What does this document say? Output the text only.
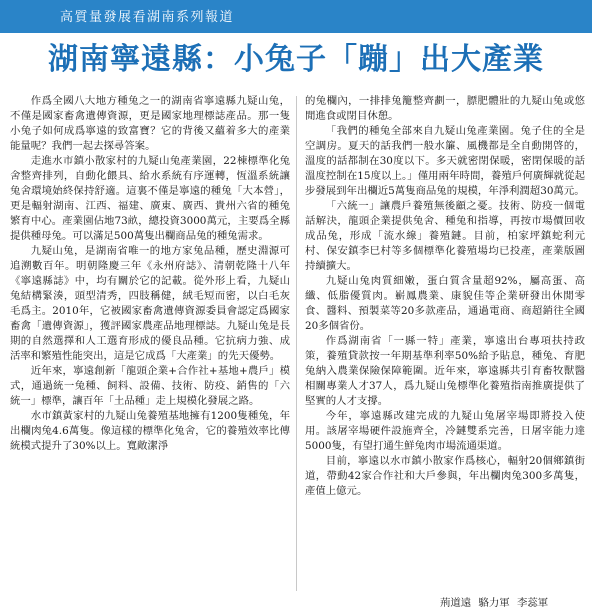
高質量發展看湖南系列報道
湖南寧遠縣：小兔子「蹦」出大產業

作爲全國八大地方種兔之一的湖南省寧遠縣九疑山兔，不僅是國家畜禽遺傳資源，更是國家地理標誌產品。那一隻小兔子如何成爲寧遠的致富寶？它的背後又蘊着多大的產業能量呢？我們一起去探尋答案。

走進水市鎮小散家村的九疑山兔產業園，22棟標準化兔舍整齊排列，自動化餵具、給水系統有序運轉，恆溫系統讓兔舍環境始終保持舒適。這裏不僅是寧遠的種兔「大本營」，更是輻射湖南、江西、福建、廣東、廣西、貴州六省的種兔繁育中心。產業園佔地73畝，總投資3000萬元，主要爲全縣提供種母兔。可以滿足500萬隻出欄商品兔的種兔需求。

九疑山兔，是湖南省唯一的地方家兔品種，歷史淵源可追溯數百年。明朝隆慶三年《永州府誌》、清朝乾隆十八年《寧遠縣誌》中，均有關於它的記載。從外形上看，九疑山兔結構緊湊，頭型清秀，四肢稱健，絨毛短而密，以白毛灰毛爲主。2010年，它被國家畜禽遺傳資源委員會認定爲國家畜禽「遺傳資源」，獲評國家農產品地理標誌。九疑山兔是長期的自然選擇和人工選育形成的優良品種。它抗病力強、成活率和繁殖性能突出，這是它成爲「大產業」的先天優勢。

近年來，寧遠創新「龍頭企業+合作社+基地+農戶」模式，通過統一兔種、飼料、設備、技術、防疫、銷售的「六統一」標準，讓百年「土品種」走上規模化發展之路。

水市鎮黃家村的九疑山兔養殖基地擁有1200隻種兔，年出欄肉兔4.6萬隻。像這樣的標準化兔舍，它的養殖效率比傳統模式提升了30%以上。寬敞潔淨

的兔欄內，一排排兔籠整齊劃一，膘肥體壯的九疑山兔或悠閒進食或閉目休憩。

「我們的種兔全部來自九疑山兔產業園。兔子住的全是空調房。夏天的話我們一般水簾、風機都是全自動開啓的，溫度的話都制在30度以下。多天就密閉保暖，密閉保暖的話溫度控制在15度以上。」僅用兩年時間，養殖戶何廣輝就從起步發展到年出欄近5萬隻商品兔的規模，年淨利潤超30萬元。

「六統一」讓農戶養殖無後顧之憂。技術、防疫一個電話解決，龍頭企業提供兔舍、種兔和指導，再按市場價回收成品兔，形成「流水線」養殖鏈。目前，柏家坪鎮蛇利元村、保安鎮李巳村等多個標準化養殖場均已投產，產業版圖持續擴大。

九疑山兔肉質細嫩，蛋白質含量超92%，屬高蛋、高纖、低脂優質肉。嶄鳳農業、康貌佳等企業研發出休閒零食、醬料、預製菜等20多款產品，通過電商、商超銷往全國20多個省份。

作爲湖南省「一縣一特」產業，寧遠出台專項扶持政策，養殖貸款按一年期基準利率50%給予貼息，種兔、育肥兔納入農業保險保障範圍。近年來，寧遠縣共引育畜牧獸醫相關專業人才37人，爲九疑山兔標準化養殖指南推廣提供了堅實的人才支撐。

今年，寧遠縣改建完成的九疑山兔屠宰場即將投入使用。該屠宰場硬件設施齊全，冷鏈雙系完善，日屠宰能力達5000隻，有望打通生鮮兔肉市場流通渠道。

目前，寧遠以水市鎮小散家作爲核心，輻射20個鄉鎮街道，帶動42家合作社和大戶參與，年出欄肉兔300多萬隻，產值上億元。

荊道遠 駱力軍 李蕊軍
